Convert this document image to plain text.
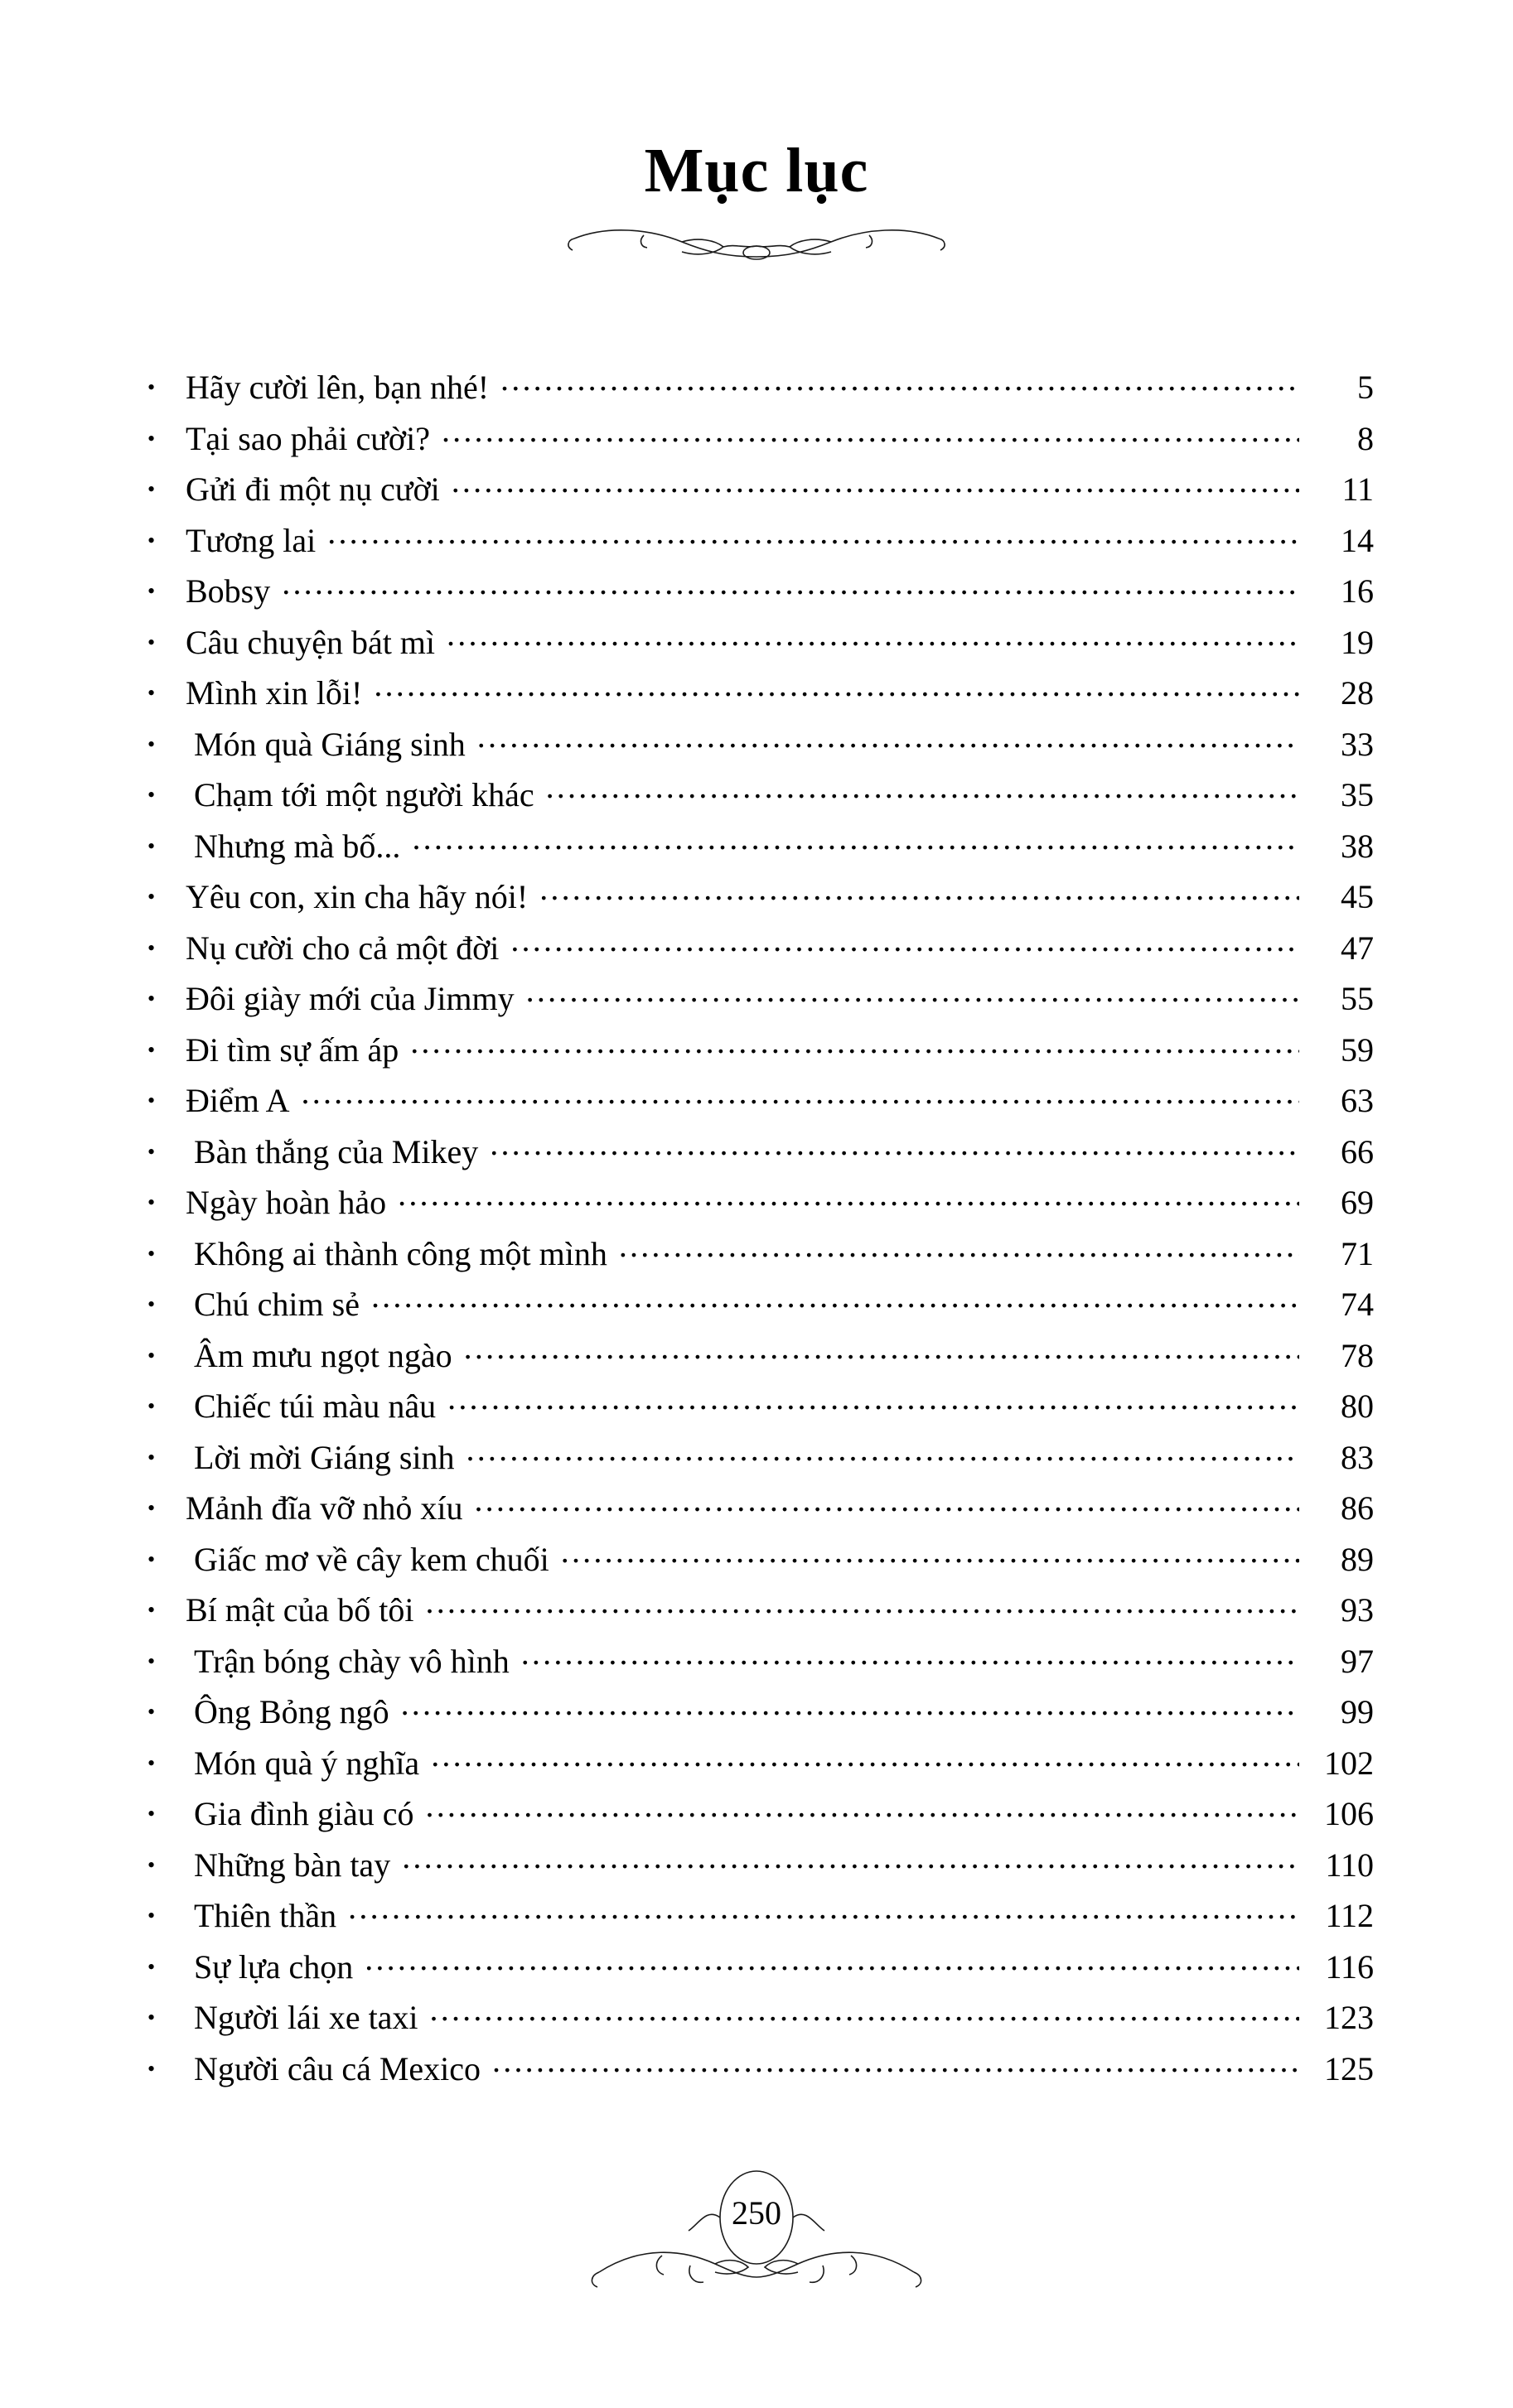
Mục lục
•
Hãy cười lên, bạn nhé! .....	5
•
Tại sao phải cười? .....	8
•
Gửi đi một nụ cười .....	11
•
Tương lai .....	14
•
Bobsy .....	16
•
Câu chuyện bát mì .....	19
•
Mình xin lỗi! .....	28
•
Món quà Giáng sinh .....	33
•
Chạm tới một người khác .....	35
•
Nhưng mà bố... .....	38
•
Yêu con, xin cha hãy nói! .....	45
•
Nụ cười cho cả một đời .....	47
•
Đôi giày mới của Jimmy .....	55
•
Đi tìm sự ấm áp .....	59
•
Điểm A .....	63
•
Bàn thắng của Mikey .....	66
•
Ngày hoàn hảo .....	69
•
Không ai thành công một mình .....	71
•
Chú chim sẻ .....	74
•
Âm mưu ngọt ngào .....	78
•
Chiếc túi màu nâu .....	80
•
Lời mời Giáng sinh .....	83
•
Mảnh đĩa vỡ nhỏ xíu .....	86
•
Giấc mơ về cây kem chuối .....	89
•
Bí mật của bố tôi .....	93
•
Trận bóng chày vô hình .....	97
•
Ông Bỏng ngô .....	99
•
Món quà ý nghĩa .....	102
•
Gia đình giàu có .....	106
•
Những bàn tay .....	110
•
Thiên thần .....	112
•
Sự lựa chọn .....	116
•
Người lái xe taxi .....	123
•
Người câu cá Mexico .....	125
250
